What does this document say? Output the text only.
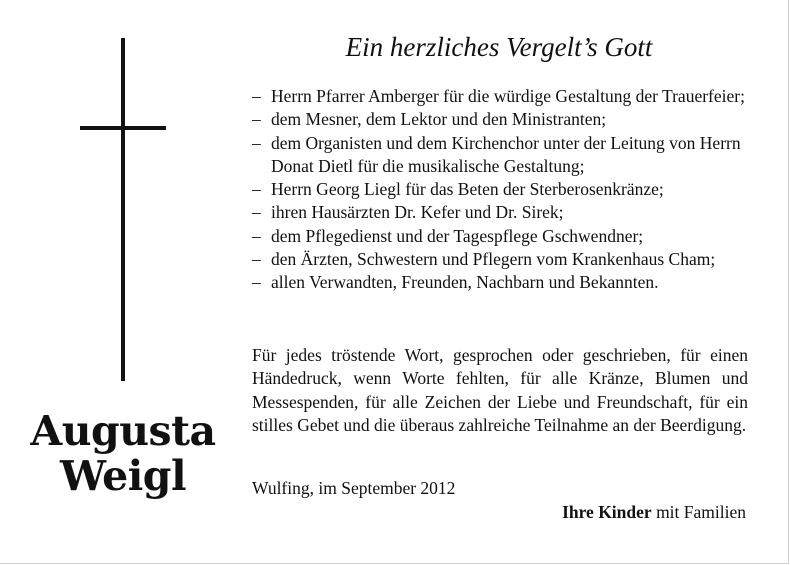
Augusta
Weigl
Ein herzliches Vergelt’s Gott
– Herrn Pfarrer Amberger für die würdige Gestaltung der Trauerfeier;
– dem Mesner, dem Lektor und den Ministranten;
– dem Organisten und dem Kirchenchor unter der Leitung von Herrn Donat Dietl für die musikalische Gestaltung;
– Herrn Georg Liegl für das Beten der Sterberosenkränze;
– ihren Hausärzten Dr. Kefer und Dr. Sirek;
– dem Pflegedienst und der Tagespflege Gschwendner;
– den Ärzten, Schwestern und Pflegern vom Krankenhaus Cham;
– allen Verwandten, Freunden, Nachbarn und Bekannten.

Für jedes tröstende Wort, gesprochen oder geschrieben, für einen Händedruck, wenn Worte fehlten, für alle Kränze, Blumen und Messespenden, für alle Zeichen der Liebe und Freundschaft, für ein stilles Gebet und die überaus zahlreiche Teilnahme an der Beerdigung.

Wulfing, im September 2012
Ihre Kinder mit Familien
